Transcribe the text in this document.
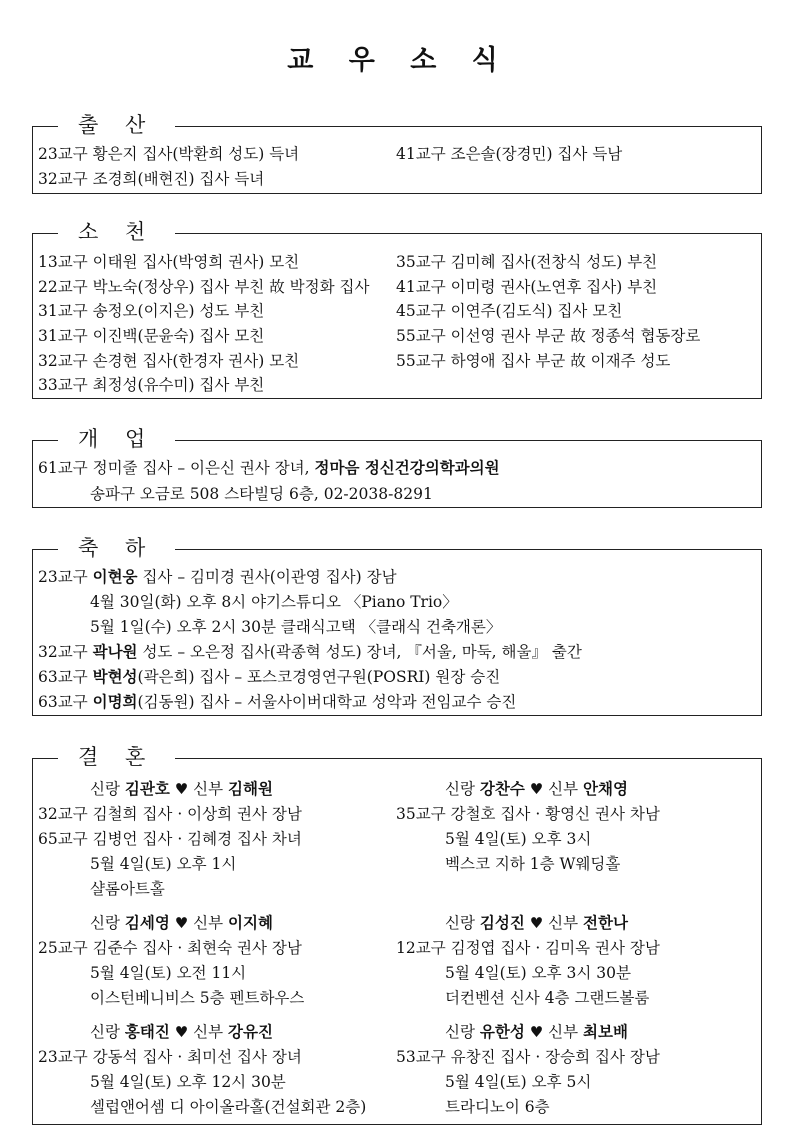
교 우 소 식
출 산
23교구 황은지 집사(박환희 성도) 득녀	41교구 조은솔(장경민) 집사 득남
32교구 조경희(배현진) 집사 득녀
소 천
13교구 이태원 집사(박영희 권사) 모친	35교구 김미혜 집사(전창식 성도) 부친
22교구 박노숙(정상우) 집사 부친 故 박정화 집사 41교구 이미령 권사(노연후 집사) 부친
31교구 송정오(이지은) 성도 부친	45교구 이연주(김도식) 집사 모친
31교구 이진백(문윤숙) 집사 모친	55교구 이선영 권사 부군 故 정종석 협동장로
32교구 손경현 집사(한경자 권사) 모친	55교구 하영애 집사 부군 故 이재주 성도
33교구 최정성(유수미) 집사 부친
개 업
61교구 정미줄 집사 – 이은신 권사 장녀, 정마음 정신건강의학과의원
송파구 오금로 508 스타빌딩 6층, 02-2038-8291
축 하
23교구 이현웅 집사 – 김미경 권사(이관영 집사) 장남
4월 30일(화) 오후 8시 야기스튜디오 〈Piano Trio〉
5월 1일(수) 오후 2시 30분 클래식고택 〈클래식 건축개론〉
32교구 곽나원 성도 – 오은정 집사(곽종혁 성도) 장녀, 『서울, 마둑, 해울』 출간
63교구 박현성(곽은희) 집사 – 포스코경영연구원(POSRI) 원장 승진
63교구 이명희(김동원) 집사 – 서울사이버대학교 성악과 전임교수 승진
결 혼
신랑 김관호 ♥ 신부 김해원
32교구 김철희 집사 · 이상희 권사 장남
65교구 김병언 집사 · 김혜경 집사 차녀
5월 4일(토) 오후 1시
샬롬아트홀
신랑 강찬수 ♥ 신부 안채영
35교구 강철호 집사 · 황영신 권사 차남
5월 4일(토) 오후 3시
벡스코 지하 1층 W웨딩홀
신랑 김세영 ♥ 신부 이지혜
25교구 김준수 집사 · 최현숙 권사 장남
5월 4일(토) 오전 11시
이스턴베니비스 5층 펜트하우스
신랑 김성진 ♥ 신부 전한나
12교구 김정엽 집사 · 김미옥 권사 장남
5월 4일(토) 오후 3시 30분
더컨벤션 신사 4층 그랜드볼룸
신랑 홍태진 ♥ 신부 강유진
23교구 강동석 집사 · 최미선 집사 장녀
5월 4일(토) 오후 12시 30분
셀럽앤어셈 디 아이올라홀(건설회관 2층)
신랑 유한성 ♥ 신부 최보배
53교구 유창진 집사 · 장승희 집사 장남
5월 4일(토) 오후 5시
트라디노이 6층
